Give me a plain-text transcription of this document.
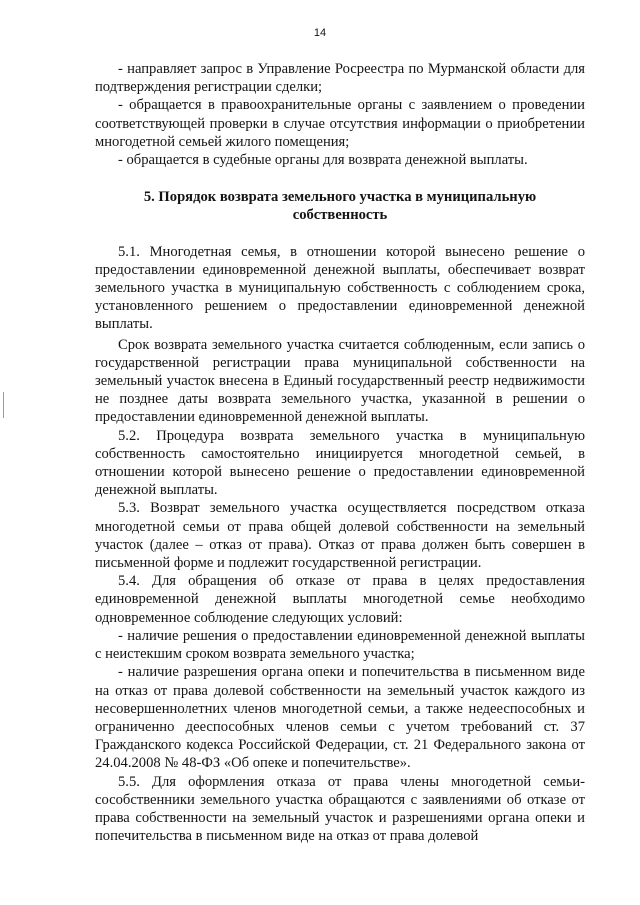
14

- направляет запрос в Управление Росреестра по Мурманской области для подтверждения регистрации сделки;

- обращается в правоохранительные органы с заявлением о проведении соответствующей проверки в случае отсутствия информации о приобретении многодетной семьей жилого помещения;

- обращается в судебные органы для возврата денежной выплаты.

5. Порядок возврата земельного участка в муниципальную собственность

5.1. Многодетная семья, в отношении которой вынесено решение о предоставлении единовременной денежной выплаты, обеспечивает возврат земельного участка в муниципальную собственность с соблюдением срока, установленного решением о предоставлении единовременной денежной выплаты.

Срок возврата земельного участка считается соблюденным, если запись о государственной регистрации права муниципальной собственности на земельный участок внесена в Единый государственный реестр недвижимости не позднее даты возврата земельного участка, указанной в решении о предоставлении единовременной денежной выплаты.

5.2. Процедура возврата земельного участка в муниципальную собственность самостоятельно инициируется многодетной семьей, в отношении которой вынесено решение о предоставлении единовременной денежной выплаты.

5.3. Возврат земельного участка осуществляется посредством отказа многодетной семьи от права общей долевой собственности на земельный участок (далее – отказ от права). Отказ от права должен быть совершен в письменной форме и подлежит государственной регистрации.

5.4. Для обращения об отказе от права в целях предоставления единовременной денежной выплаты многодетной семье необходимо одновременное соблюдение следующих условий:

- наличие решения о предоставлении единовременной денежной выплаты с неистекшим сроком возврата земельного участка;

- наличие разрешения органа опеки и попечительства в письменном виде на отказ от права долевой собственности на земельный участок каждого из несовершеннолетних членов многодетной семьи, а также недееспособных и ограниченно дееспособных членов семьи с учетом требований ст. 37 Гражданского кодекса Российской Федерации, ст. 21 Федерального закона от 24.04.2008 № 48-ФЗ «Об опеке и попечительстве».

5.5. Для оформления отказа от права члены многодетной семьи-сособственники земельного участка обращаются с заявлениями об отказе от права собственности на земельный участок и разрешениями органа опеки и попечительства в письменном виде на отказ от права долевой
